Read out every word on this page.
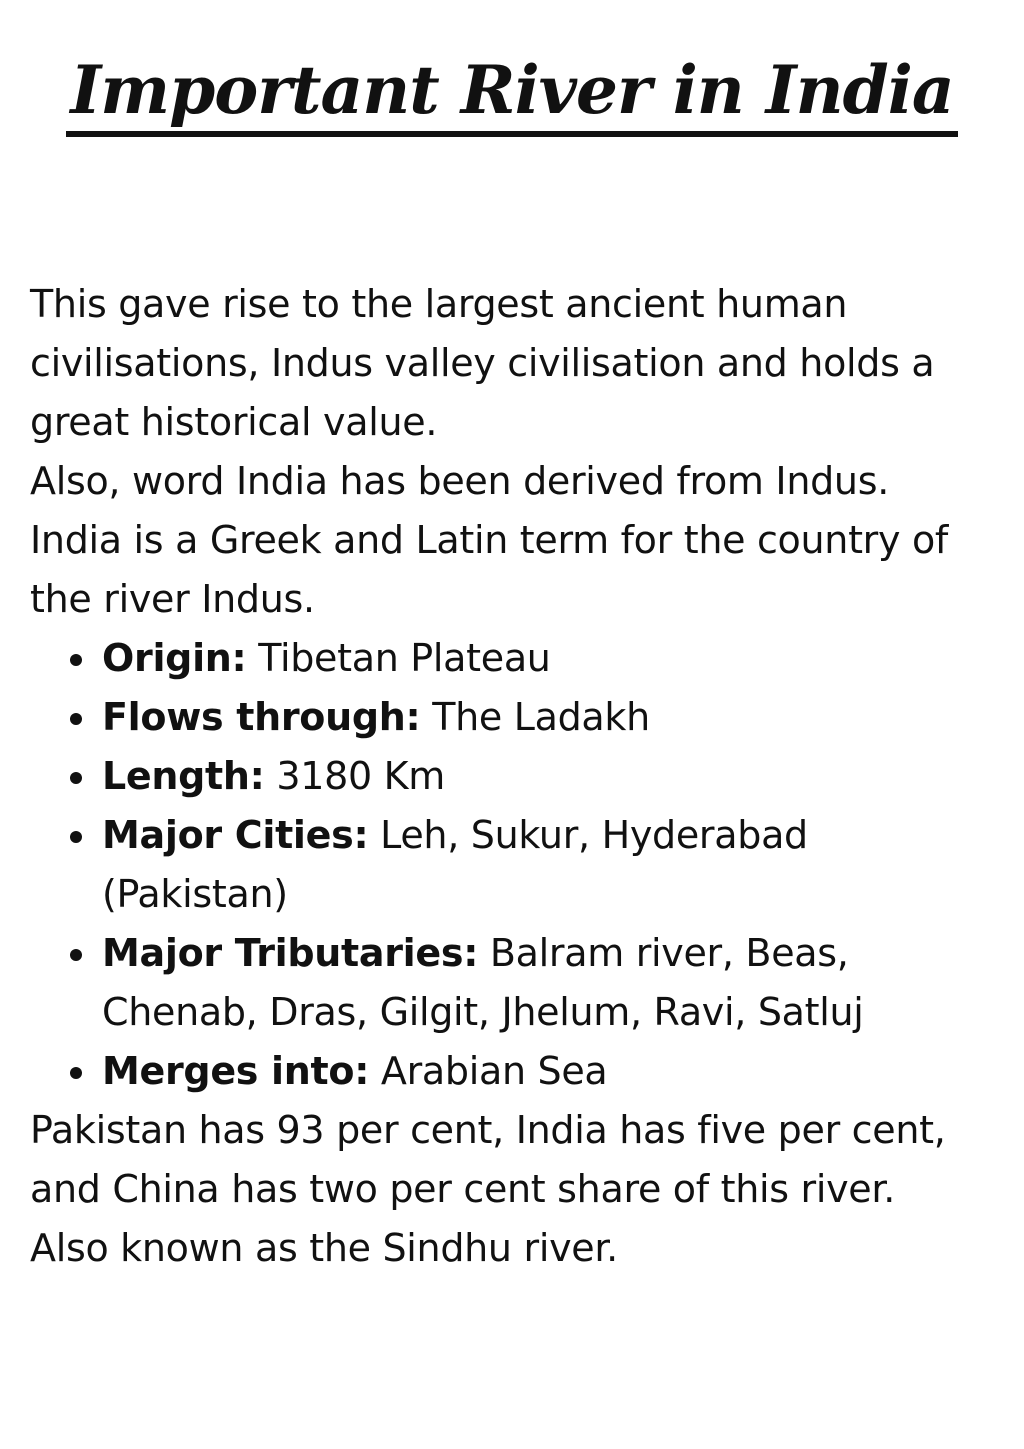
Important River in India

This gave rise to the largest ancient human civilisations, Indus valley civilisation and holds a great historical value.

Also, word India has been derived from Indus.

India is a Greek and Latin term for the country of the river Indus.

Origin: Tibetan Plateau
Flows through: The Ladakh
Length: 3180 Km
Major Cities: Leh, Sukur, Hyderabad (Pakistan)
Major Tributaries: Balram river, Beas, Chenab, Dras, Gilgit, Jhelum, Ravi, Satluj
Merges into: Arabian Sea

Pakistan has 93 per cent, India has five per cent, and China has two per cent share of this river.

Also known as the Sindhu river.
